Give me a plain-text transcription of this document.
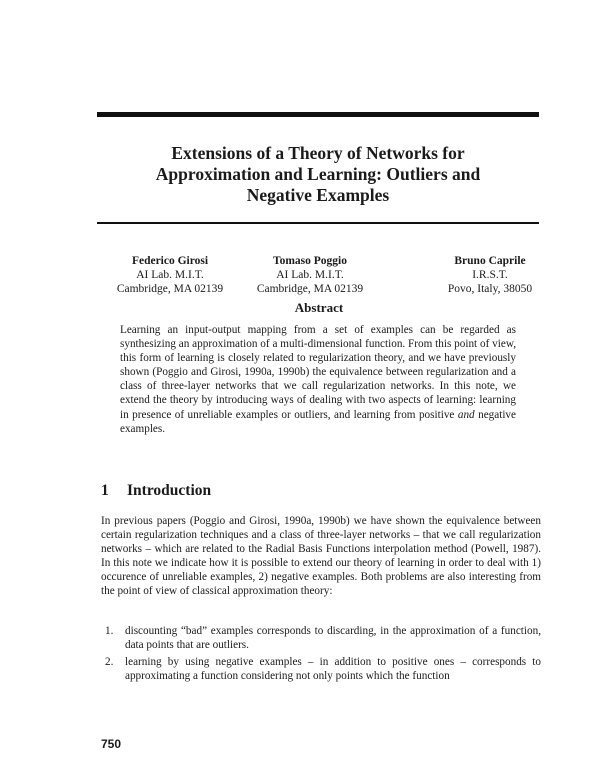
Extensions of a Theory of Networks for
Approximation and Learning: Outliers and
Negative Examples
Federico Girosi
AI Lab. M.I.T.
Cambridge, MA 02139
Tomaso Poggio
AI Lab. M.I.T.
Cambridge, MA 02139
Bruno Caprile
I.R.S.T.
Povo, Italy, 38050
Abstract
Learning an input-output mapping from a set of examples can be regarded as synthesizing an approximation of a multi-dimensional function. From this point of view, this form of learning is closely related to regularization theory, and we have previously shown (Poggio and Girosi, 1990a, 1990b) the equivalence between regularization and a class of three-layer networks that we call regularization networks. In this note, we extend the theory by introducing ways of dealing with two aspects of learning: learning in presence of unreliable examples or outliers, and learning from positive and negative examples.
1 Introduction
In previous papers (Poggio and Girosi, 1990a, 1990b) we have shown the equivalence between certain regularization techniques and a class of three-layer networks – that we call regularization networks – which are related to the Radial Basis Functions interpolation method (Powell, 1987). In this note we indicate how it is possible to extend our theory of learning in order to deal with 1) occurence of unreliable examples, 2) negative examples. Both problems are also interesting from the point of view of classical approximation theory:
1. discounting “bad” examples corresponds to discarding, in the approximation of a function, data points that are outliers.
2. learning by using negative examples – in addition to positive ones – corresponds to approximating a function considering not only points which the function
750
